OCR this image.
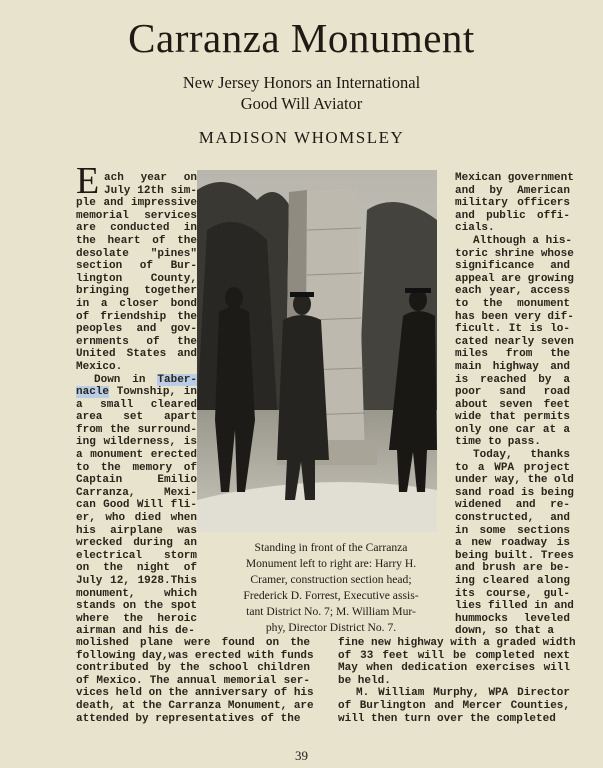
Carranza Monument
New Jersey Honors an International
Good Will Aviator
MADISON WHOMSLEY
E ach year on
July 12th sim-
ple and impressive
memorial services
are conducted in
the heart of the
desolate "pines"
section of Bur-
lington County,
bringing together
in a closer bond
of friendship the
peoples and gov-
ernments of the
United States and
Mexico.
Down in Taber-
nacle Township, in
a small cleared
area set apart
from the surround-
ing wilderness, is
a monument erected
to the memory of
Captain Emilio
Carranza, Mexi-
can Good Will fli-
er, who died when
his airplane was
wrecked during an
electrical storm
on the night of
July 12, 1928.This
monument, which
stands on the spot
where the heroic
airman and his de-
Mexican government
and by American
military officers
and public offi-
cials.
Although a his-
toric shrine whose
significance and
appeal are growing
each year, access
to the monument
has been very dif-
ficult. It is lo-
cated nearly seven
miles from the
main highway and
is reached by a
poor sand road
about seven feet
wide that permits
only one car at a
time to pass.
Today, thanks
to a WPA project
under way, the old
sand road is being
widened and re-
constructed, and
in some sections
a new roadway is
being built. Trees
and brush are be-
ing cleared along
its course, gul-
lies filled in and
hummocks leveled
down, so that a
molished plane were found on the
following day,was erected with funds
contributed by the school children
of Mexico. The annual memorial ser-
vices held on the anniversary of his
death, at the Carranza Monument, are
attended by representatives of the
fine new highway with a graded width
of 33 feet will be completed next
May when dedication exercises will
be held.
M. William Murphy, WPA Director
of Burlington and Mercer Counties,
will then turn over the completed
Standing in front of the Carranza
Monument left to right are: Harry H.
Cramer, construction section head;
Frederick D. Forrest, Executive assis-
tant District No. 7; M. William Mur-
phy, Director District No. 7.
39
